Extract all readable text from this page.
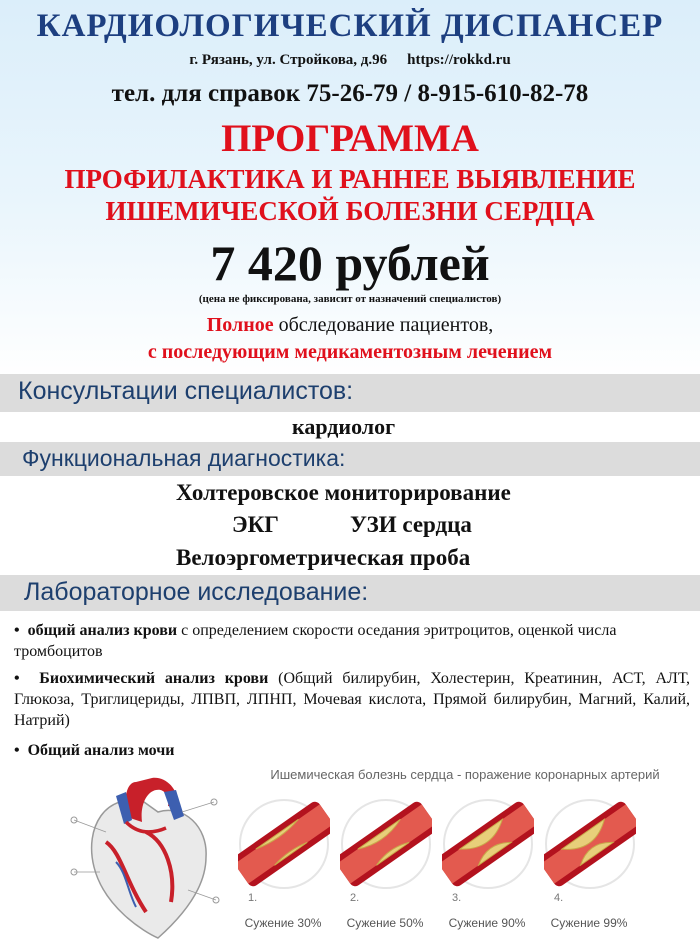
КАРДИОЛОГИЧЕСКИЙ ДИСПАНСЕР
г. Рязань, ул. Стройкова, д.96 https://rokkd.ru
тел. для справок 75-26-79 / 8-915-610-82-78
ПРОГРАММА
ПРОФИЛАКТИКА И РАННЕЕ ВЫЯВЛЕНИЕ
ИШЕМИЧЕСКОЙ БОЛЕЗНИ СЕРДЦА
7 420 рублей
(цена не фиксирована, зависит от назначений специалистов)
Полное обследование пациентов,
с последующим медикаментозным лечением
Консультации специалистов:
кардиолог
Функциональная диагностика:
Холтеровское мониторирование
ЭКГ	УЗИ сердца
Велоэргометрическая проба
Лабораторное исследование:

• общий анализ крови с определением скорости оседания эритроцитов, оценкой числа тромбоцитов

• Биохимический анализ крови (Общий билирубин, Холестерин, Креатинин, АСТ, АЛТ, Глюкоза, Триглицериды, ЛПВП, ЛПНП, Мочевая кислота, Прямой билирубин, Магний, Калий, Натрий)

• Общий анализ мочи

Ишемическая болезнь сердца - поражение коронарных артерий
1.	2.	3.	4.
Сужение 30%	Сужение 50%	Сужение 90%	Сужение 99%
